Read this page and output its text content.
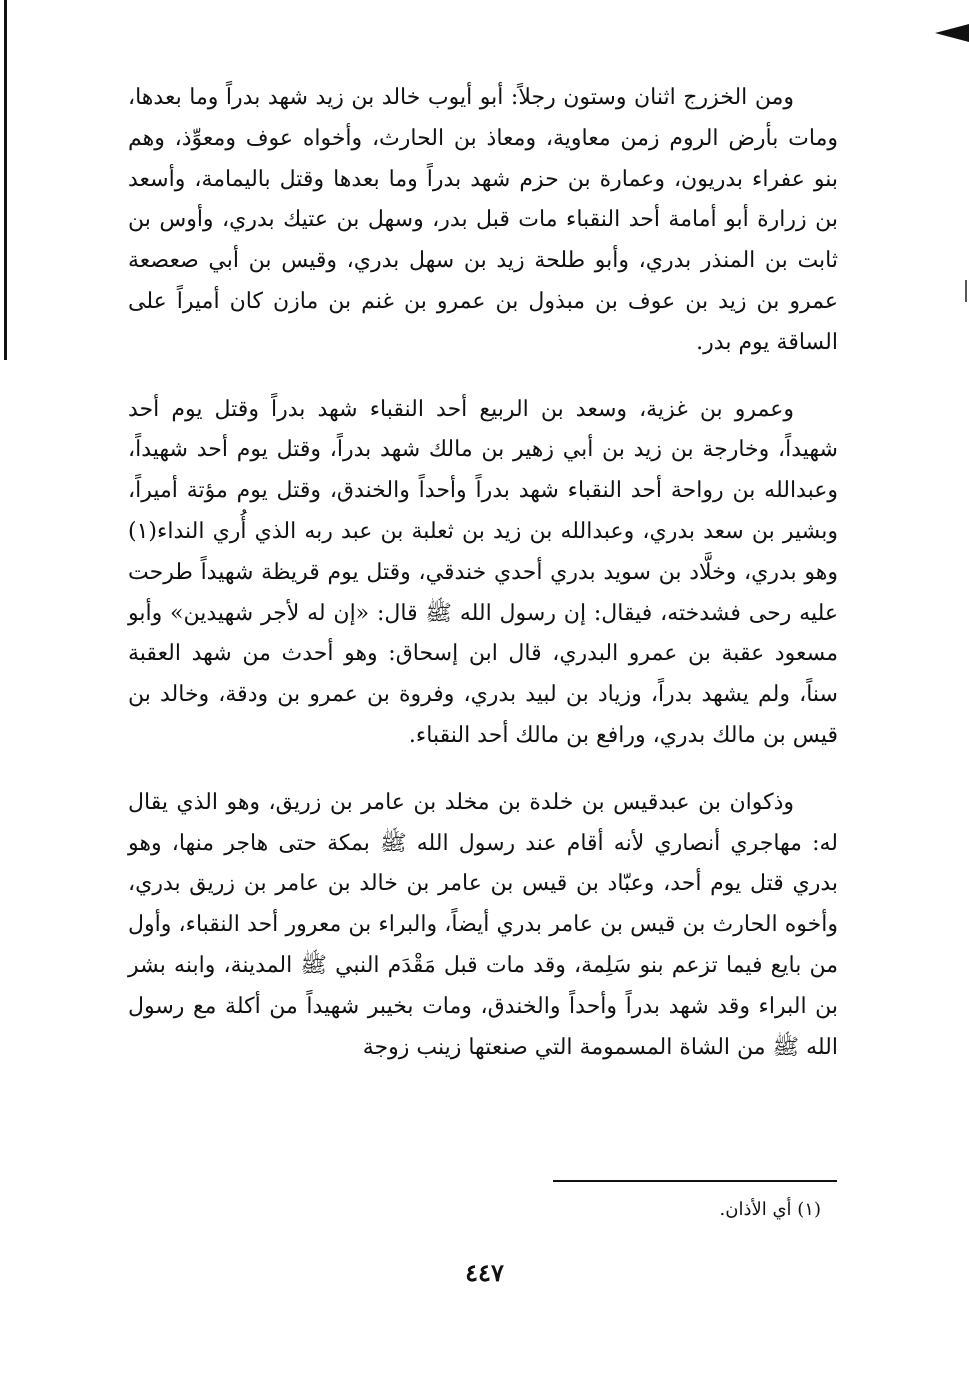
ومن الخزرج اثنان وستون رجلاً: أبو أيوب خالد بن زيد شهد بدراً وما بعدها، ومات بأرض الروم زمن معاوية، ومعاذ بن الحارث، وأخواه عوف ومعوِّذ، وهم بنو عفراء بدريون، وعمارة بن حزم شهد بدراً وما بعدها وقتل باليمامة، وأسعد بن زرارة أبو أمامة أحد النقباء مات قبل بدر، وسهل بن عتيك بدري، وأوس بن ثابت بن المنذر بدري، وأبو طلحة زيد بن سهل بدري، وقيس بن أبي صعصعة عمرو بن زيد بن عوف بن مبذول بن عمرو بن غنم بن مازن كان أميراً على الساقة يوم بدر.

وعمرو بن غزية، وسعد بن الربيع أحد النقباء شهد بدراً وقتل يوم أحد شهيداً، وخارجة بن زيد بن أبي زهير بن مالك شهد بدراً، وقتل يوم أحد شهيداً، وعبدالله بن رواحة أحد النقباء شهد بدراً وأحداً والخندق، وقتل يوم مؤتة أميراً، وبشير بن سعد بدري، وعبدالله بن زيد بن ثعلبة بن عبد ربه الذي أُري النداء(١) وهو بدري، وخلَّاد بن سويد بدري أحدي خندقي، وقتل يوم قريظة شهيداً طرحت عليه رحى فشدخته، فيقال: إن رسول الله ﷺ قال: «إن له لأجر شهيدين» وأبو مسعود عقبة بن عمرو البدري، قال ابن إسحاق: وهو أحدث من شهد العقبة سناً، ولم يشهد بدراً، وزياد بن لبيد بدري، وفروة بن عمرو بن ودقة، وخالد بن قيس بن مالك بدري، ورافع بن مالك أحد النقباء.

وذكوان بن عبدقيس بن خلدة بن مخلد بن عامر بن زريق، وهو الذي يقال له: مهاجري أنصاري لأنه أقام عند رسول الله ﷺ بمكة حتى هاجر منها، وهو بدري قتل يوم أحد، وعبّاد بن قيس بن عامر بن خالد بن عامر بن زريق بدري، وأخوه الحارث بن قيس بن عامر بدري أيضاً، والبراء بن معرور أحد النقباء، وأول من بايع فيما تزعم بنو سَلِمة، وقد مات قبل مَقْدَم النبي ﷺ المدينة، وابنه بشر بن البراء وقد شهد بدراً وأحداً والخندق، ومات بخيبر شهيداً من أكلة مع رسول الله ﷺ من الشاة المسمومة التي صنعتها زينب زوجة

(١) أي الأذان.
٤٤٧
